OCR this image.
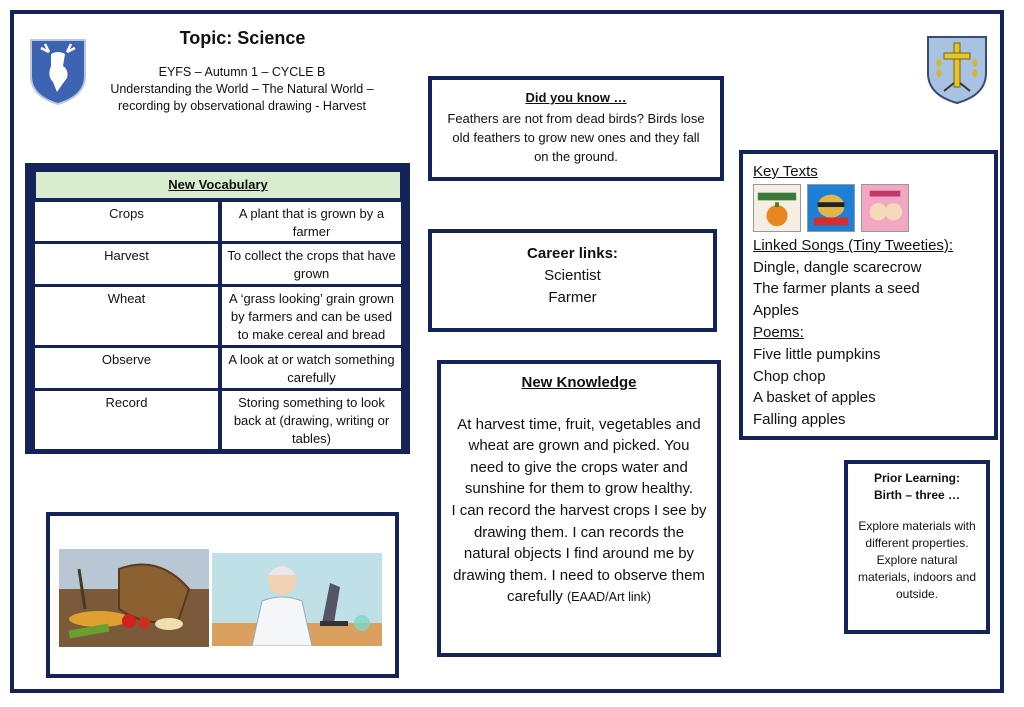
Topic: Science
EYFS – Autumn 1 – CYCLE B
Understanding the World – The Natural World –
recording by observational drawing - Harvest
New Vocabulary
Crops	A plant that is grown by a farmer
Harvest	To collect the crops that have grown
Wheat	A ‘grass looking’ grain grown by farmers and can be used to make cereal and bread
Observe	A look at or watch something carefully
Record	Storing something to look back at (drawing, writing or tables)
Did you know …
Feathers are not from dead birds? Birds lose old feathers to grow new ones and they fall on the ground.
Career links:
Scientist
Farmer
New Knowledge
At harvest time, fruit, vegetables and wheat are grown and picked. You need to give the crops water and sunshine for them to grow healthy.
I can record the harvest crops I see by drawing them. I can records the natural objects I find around me by drawing them. I need to observe them carefully (EAAD/Art link)
Key Texts
Linked Songs (Tiny Tweeties):
Dingle, dangle scarecrow
The farmer plants a seed
Apples
Poems:
Five little pumpkins
Chop chop
A basket of apples
Falling apples
Prior Learning:
Birth – three …
Explore materials with different properties. Explore natural materials, indoors and outside.
